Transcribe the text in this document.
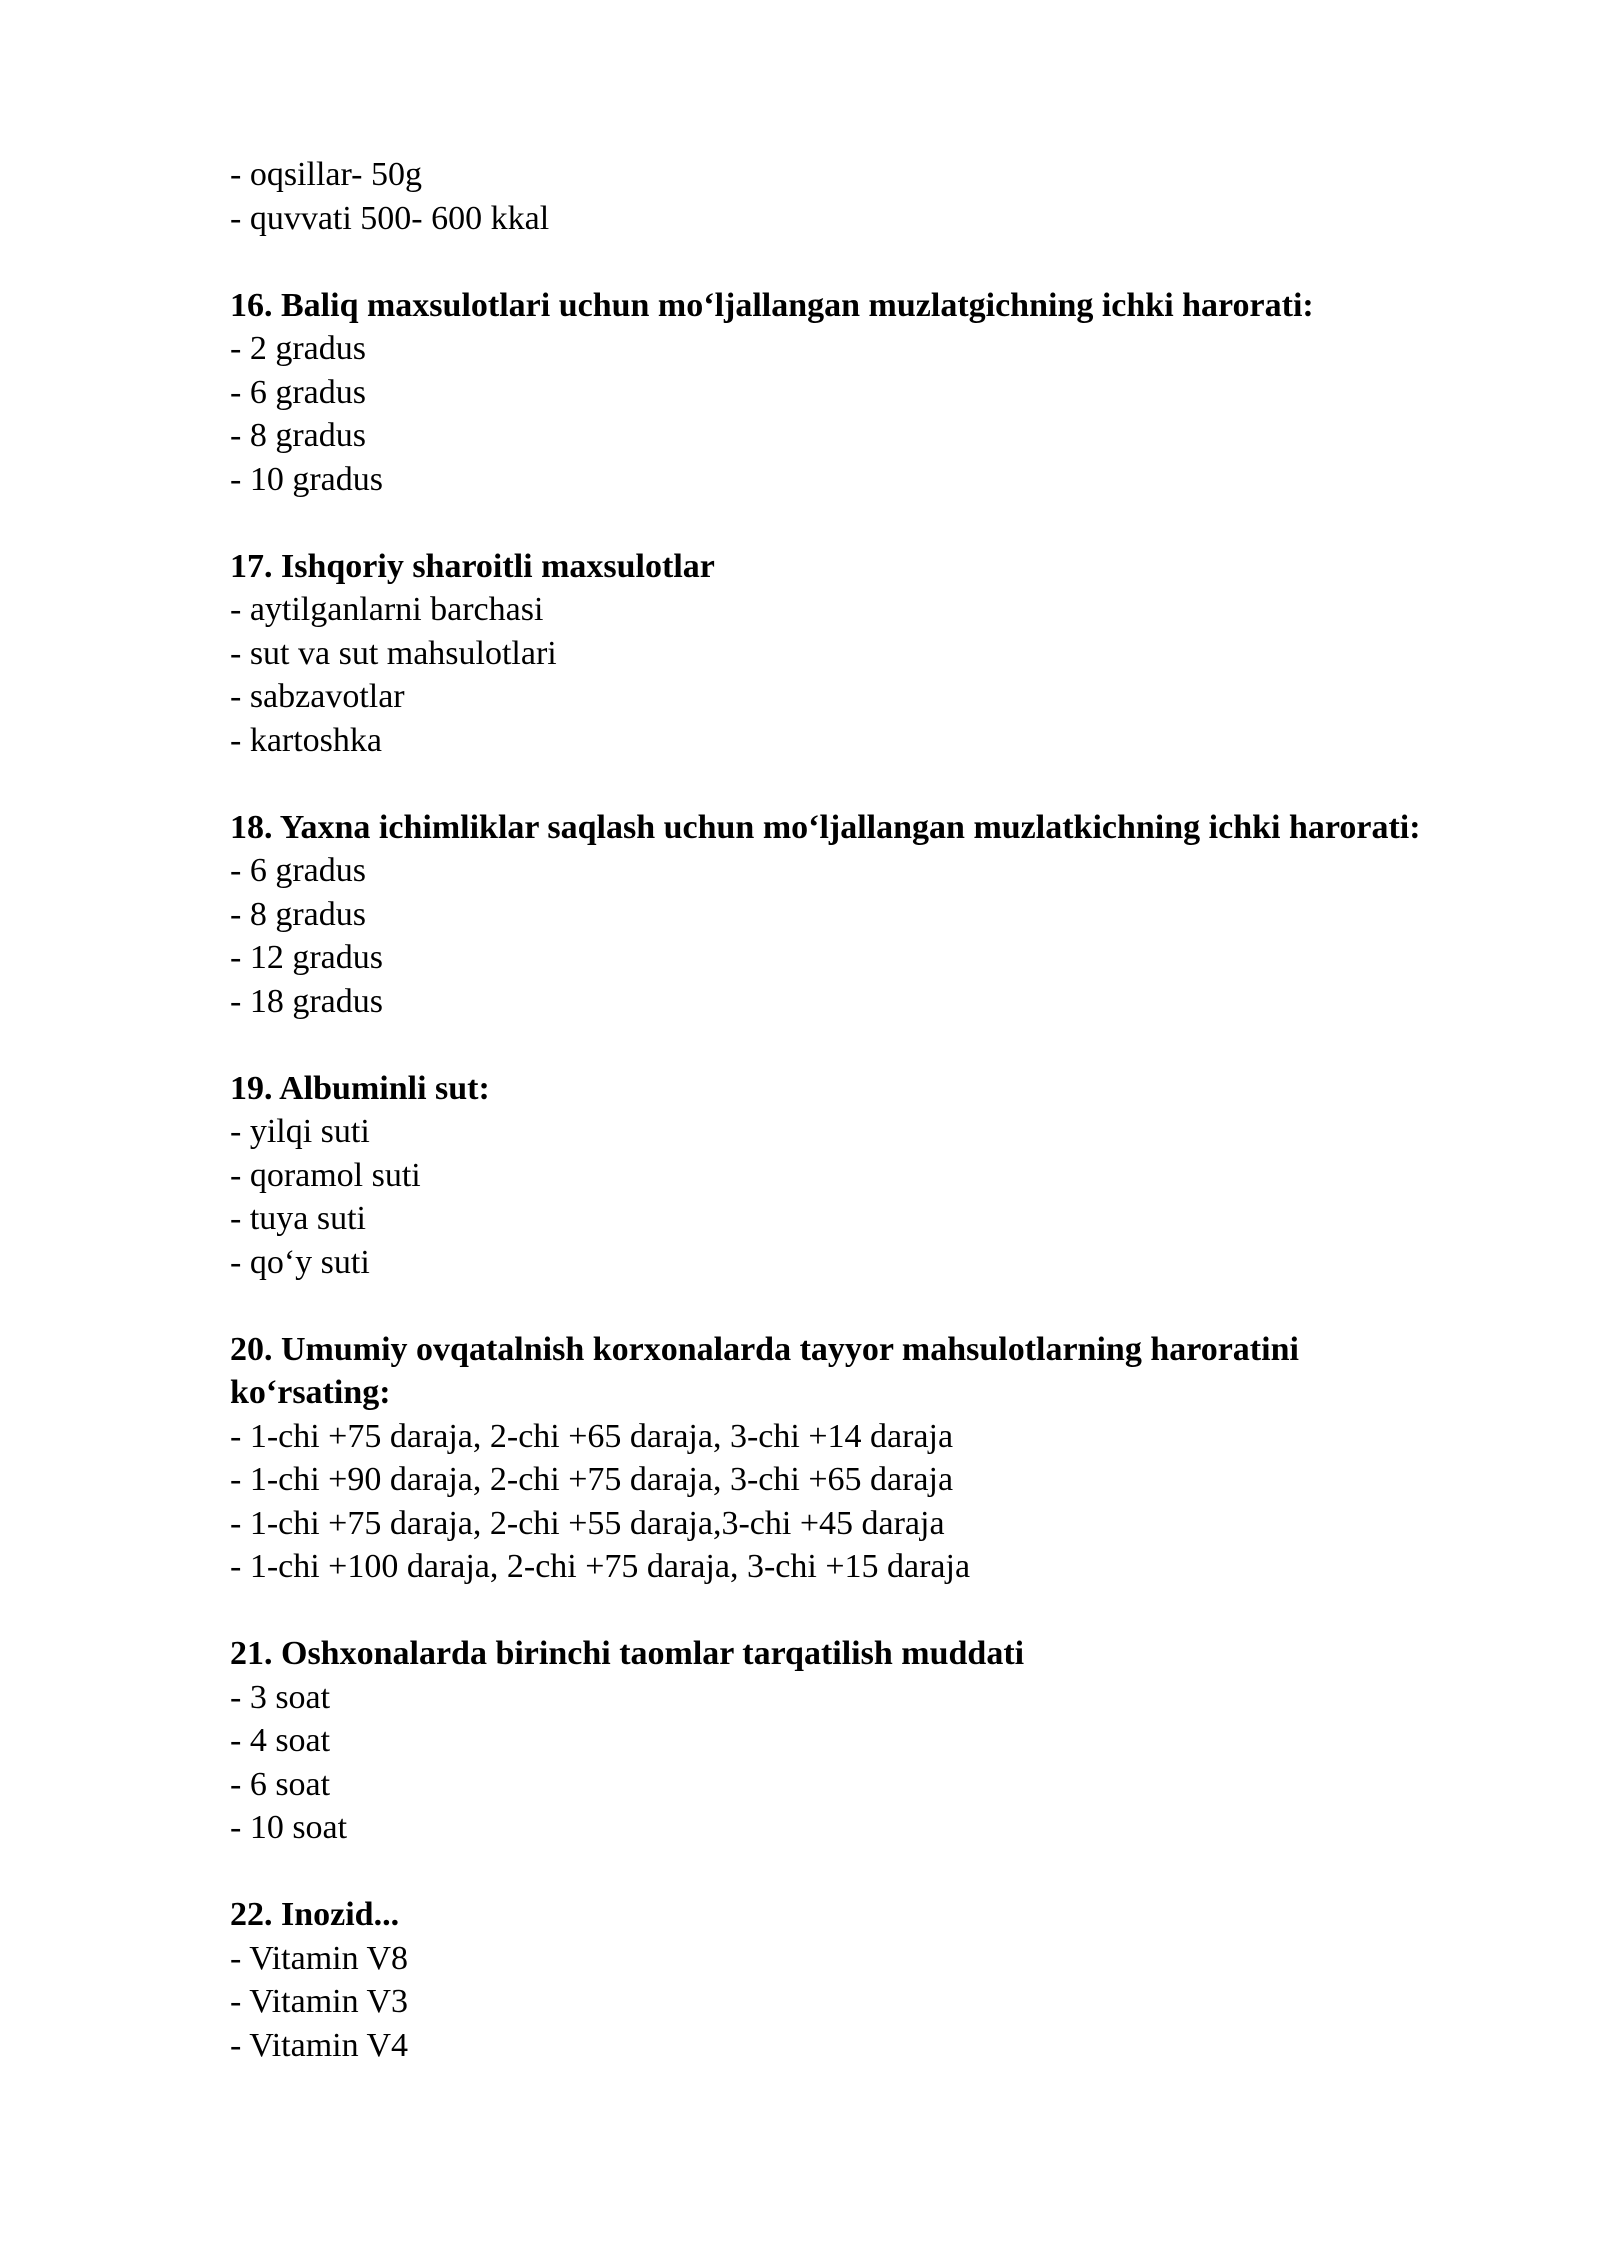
- oqsillar- 50g
- quvvati 500- 600 kkal
16. Baliq maxsulotlari uchun mo‘ljallangan muzlatgichning ichki harorati:
- 2 gradus
- 6 gradus
- 8 gradus
- 10 gradus
17. Ishqoriy sharoitli maxsulotlar
- aytilganlarni barchasi
- sut va sut mahsulotlari
- sabzavotlar
- kartoshka
18. Yaxna ichimliklar saqlash uchun mo‘ljallangan muzlatkichning ichki harorati:
- 6 gradus
- 8 gradus
- 12 gradus
- 18 gradus
19. Albuminli sut:
- yilqi suti
- qoramol suti
- tuya suti
- qo‘y suti
20. Umumiy ovqatalnish korxonalarda tayyor mahsulotlarning haroratini ko‘rsating:
- 1-chi +75 daraja, 2-chi +65 daraja, 3-chi +14 daraja
- 1-chi +90 daraja, 2-chi +75 daraja, 3-chi +65 daraja
- 1-chi +75 daraja, 2-chi +55 daraja,3-chi +45 daraja
- 1-chi +100 daraja, 2-chi +75 daraja, 3-chi +15 daraja
21. Oshxonalarda birinchi taomlar tarqatilish muddati
- 3 soat
- 4 soat
- 6 soat
- 10 soat
22. Inozid...
- Vitamin V8
- Vitamin V3
- Vitamin V4
